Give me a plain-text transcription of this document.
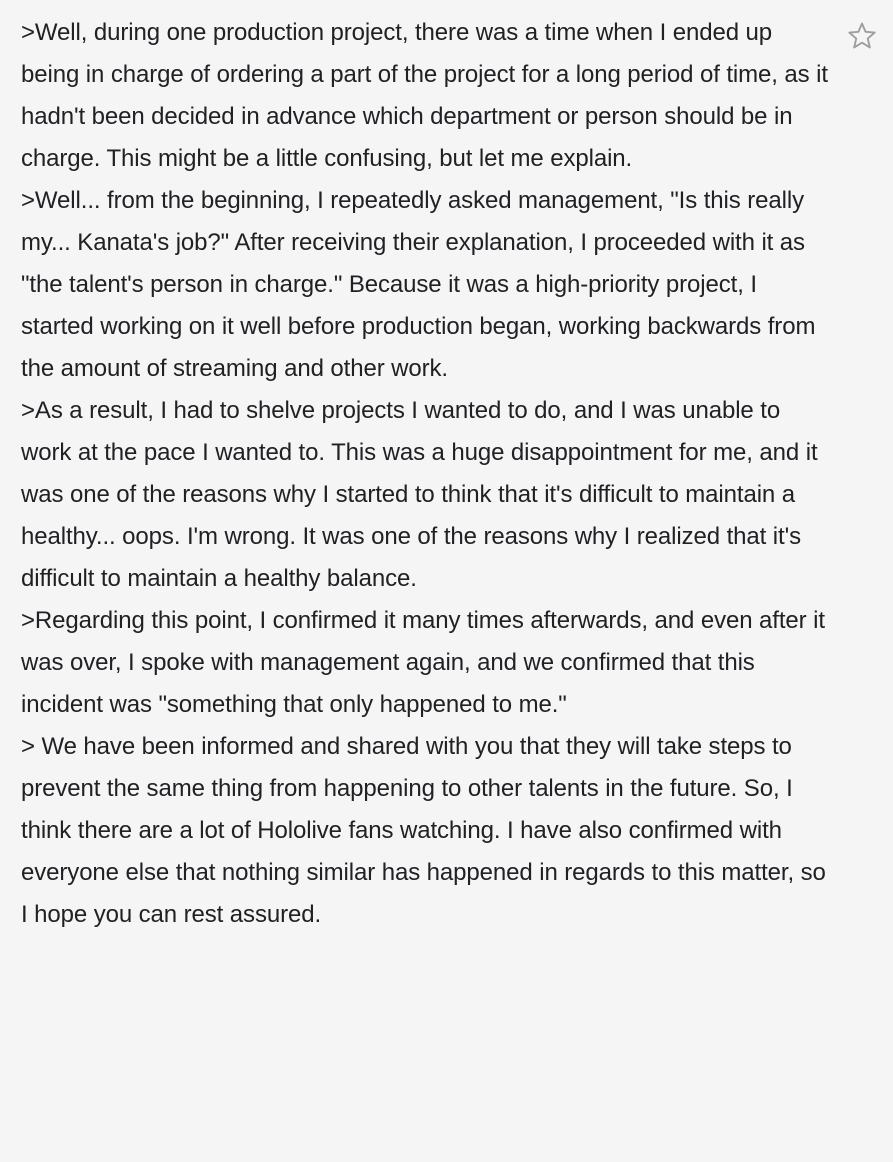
>Well, during one production project, there was a time when I ended up being in charge of ordering a part of the project for a long period of time, as it hadn't been decided in advance which department or person should be in charge. This might be a little confusing, but let me explain.

>Well... from the beginning, I repeatedly asked management, "Is this really my... Kanata's job?" After receiving their explanation, I proceeded with it as "the talent's person in charge." Because it was a high-priority project, I started working on it well before production began, working backwards from the amount of streaming and other work.

>As a result, I had to shelve projects I wanted to do, and I was unable to work at the pace I wanted to. This was a huge disappointment for me, and it was one of the reasons why I started to think that it's difficult to maintain a healthy... oops. I'm wrong. It was one of the reasons why I realized that it's difficult to maintain a healthy balance.

>Regarding this point, I confirmed it many times afterwards, and even after it was over, I spoke with management again, and we confirmed that this incident was "something that only happened to me."

> We have been informed and shared with you that they will take steps to prevent the same thing from happening to other talents in the future. So, I think there are a lot of Hololive fans watching. I have also confirmed with everyone else that nothing similar has happened in regards to this matter, so I hope you can rest assured.
